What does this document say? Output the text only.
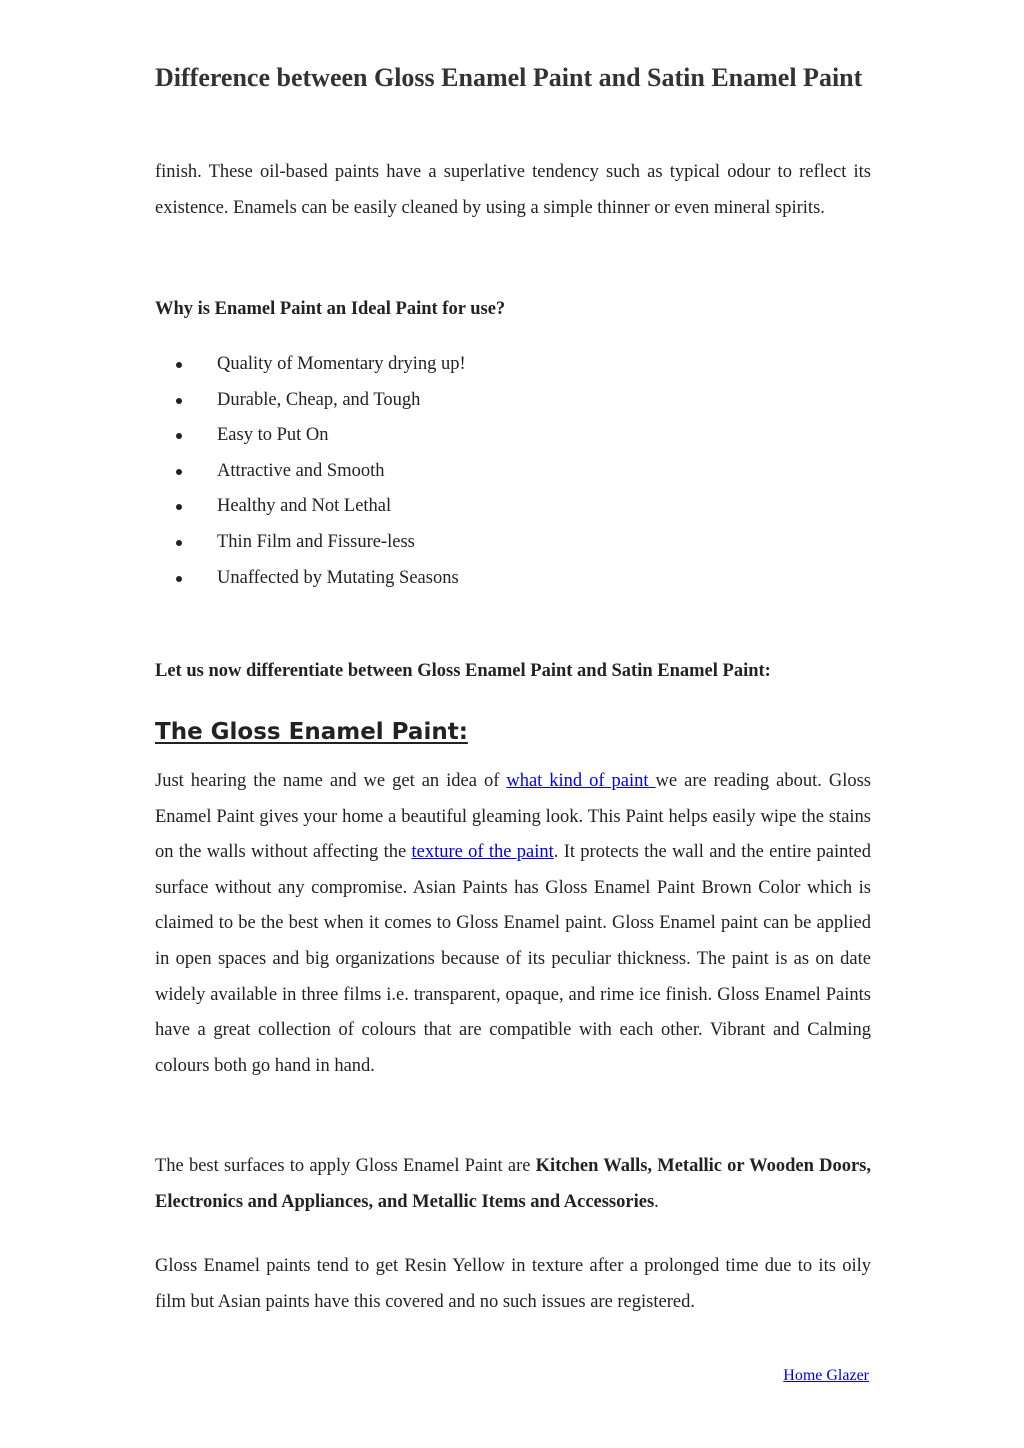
Difference between Gloss Enamel Paint and Satin Enamel Paint

finish. These oil-based paints have a superlative tendency such as typical odour to reflect its existence. Enamels can be easily cleaned by using a simple thinner or even mineral spirits.

Why is Enamel Paint an Ideal Paint for use?
Quality of Momentary drying up!
Durable, Cheap, and Tough
Easy to Put On
Attractive and Smooth
Healthy and Not Lethal
Thin Film and Fissure-less
Unaffected by Mutating Seasons
Let us now differentiate between Gloss Enamel Paint and Satin Enamel Paint:
The Gloss Enamel Paint:

Just hearing the name and we get an idea of what kind of paint we are reading about. Gloss Enamel Paint gives your home a beautiful gleaming look. This Paint helps easily wipe the stains on the walls without affecting the texture of the paint. It protects the wall and the entire painted surface without any compromise. Asian Paints has Gloss Enamel Paint Brown Color which is claimed to be the best when it comes to Gloss Enamel paint. Gloss Enamel paint can be applied in open spaces and big organizations because of its peculiar thickness. The paint is as on date widely available in three films i.e. transparent, opaque, and rime ice finish. Gloss Enamel Paints have a great collection of colours that are compatible with each other. Vibrant and Calming colours both go hand in hand.

The best surfaces to apply Gloss Enamel Paint are Kitchen Walls, Metallic or Wooden Doors, Electronics and Appliances, and Metallic Items and Accessories.

Gloss Enamel paints tend to get Resin Yellow in texture after a prolonged time due to its oily film but Asian paints have this covered and no such issues are registered.

Home Glazer
